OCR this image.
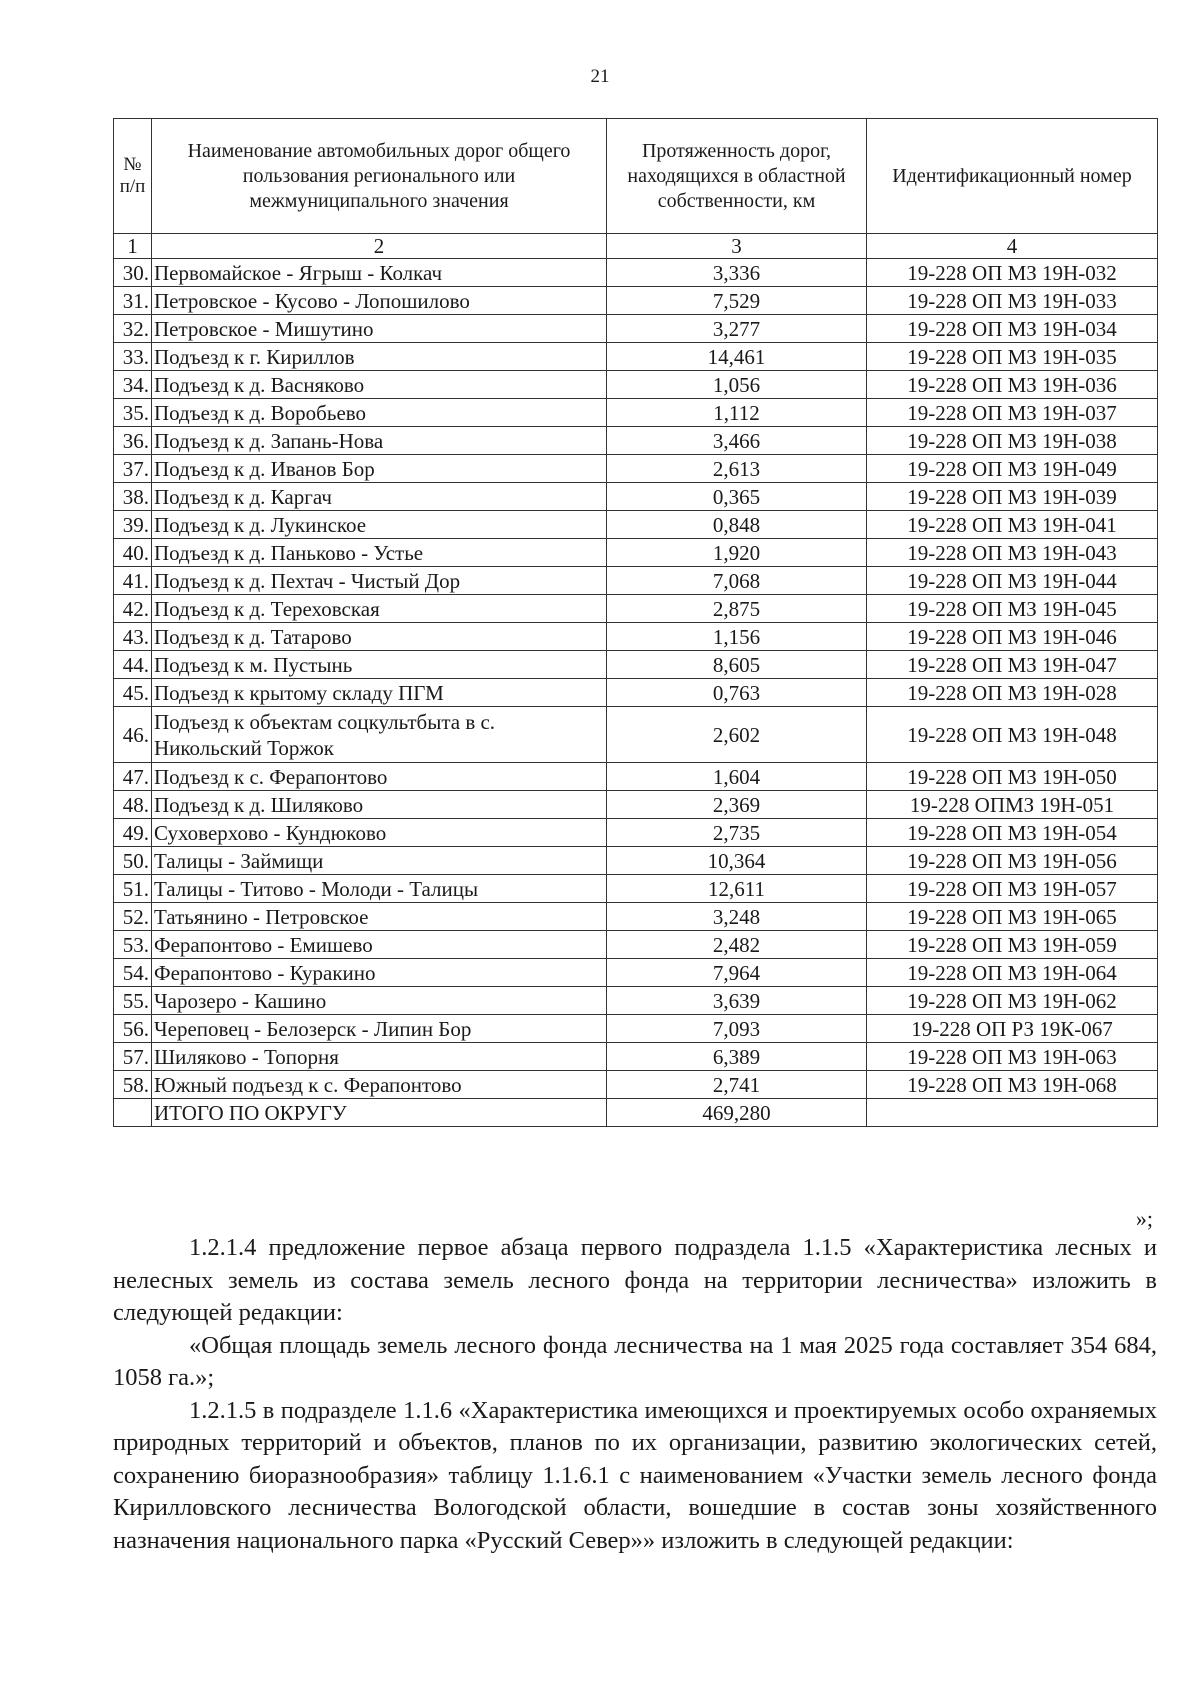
21
№ п/п	Наименование автомобильных дорог общего пользования регионального или межмуниципального значения	Протяженность дорог, находящихся в областной собственности, км	Идентификационный номер
1	2	3	4
30.	Первомайское - Ягрыш - Колкач	3,336	19-228 ОП МЗ 19Н-032
31.	Петровское - Кусово - Лопошилово	7,529	19-228 ОП МЗ 19Н-033
32.	Петровское - Мишутино	3,277	19-228 ОП МЗ 19Н-034
33.	Подъезд к г. Кириллов	14,461	19-228 ОП МЗ 19Н-035
34.	Подъезд к д. Васняково	1,056	19-228 ОП МЗ 19Н-036
35.	Подъезд к д. Воробьево	1,112	19-228 ОП МЗ 19Н-037
36.	Подъезд к д. Запань-Нова	3,466	19-228 ОП МЗ 19Н-038
37.	Подъезд к д. Иванов Бор	2,613	19-228 ОП МЗ 19Н-049
38.	Подъезд к д. Каргач	0,365	19-228 ОП МЗ 19Н-039
39.	Подъезд к д. Лукинское	0,848	19-228 ОП МЗ 19Н-041
40.	Подъезд к д. Паньково - Устье	1,920	19-228 ОП МЗ 19Н-043
41.	Подъезд к д. Пехтач - Чистый Дор	7,068	19-228 ОП МЗ 19Н-044
42.	Подъезд к д. Тереховская	2,875	19-228 ОП МЗ 19Н-045
43.	Подъезд к д. Татарово	1,156	19-228 ОП МЗ 19Н-046
44.	Подъезд к м. Пустынь	8,605	19-228 ОП МЗ 19Н-047
45.	Подъезд к крытому складу ПГМ	0,763	19-228 ОП МЗ 19Н-028
46.	Подъезд к объектам соцкультбыта в с. Никольский Торжок	2,602	19-228 ОП МЗ 19Н-048
47.	Подъезд к с. Ферапонтово	1,604	19-228 ОП МЗ 19Н-050
48.	Подъезд к д. Шиляково	2,369	19-228 ОПМЗ 19Н-051
49.	Суховерхово - Кундюково	2,735	19-228 ОП МЗ 19Н-054
50.	Талицы - Займищи	10,364	19-228 ОП МЗ 19Н-056
51.	Талицы - Титово - Молоди - Талицы	12,611	19-228 ОП МЗ 19Н-057
52.	Татьянино - Петровское	3,248	19-228 ОП МЗ 19Н-065
53.	Ферапонтово - Емишево	2,482	19-228 ОП МЗ 19Н-059
54.	Ферапонтово - Куракино	7,964	19-228 ОП МЗ 19Н-064
55.	Чарозеро - Кашино	3,639	19-228 ОП МЗ 19Н-062
56.	Череповец - Белозерск - Липин Бор	7,093	19-228 ОП РЗ 19К-067
57.	Шиляково - Топорня	6,389	19-228 ОП МЗ 19Н-063
58.	Южный подъезд к с. Ферапонтово	2,741	19-228 ОП МЗ 19Н-068
	ИТОГО ПО ОКРУГУ	469,280	
»;

1.2.1.4 предложение первое абзаца первого подраздела 1.1.5 «Характеристика лесных и нелесных земель из состава земель лесного фонда на территории лесничества» изложить в следующей редакции:

«Общая площадь земель лесного фонда лесничества на 1 мая 2025 года составляет 354 684, 1058 га.»;

1.2.1.5 в подразделе 1.1.6 «Характеристика имеющихся и проектируемых особо охраняемых природных территорий и объектов, планов по их организации, развитию экологических сетей, сохранению биоразнообразия» таблицу 1.1.6.1 с наименованием «Участки земель лесного фонда Кирилловского лесничества Вологодской области, вошедшие в состав зоны хозяйственного назначения национального парка «Русский Север»» изложить в следующей редакции:
